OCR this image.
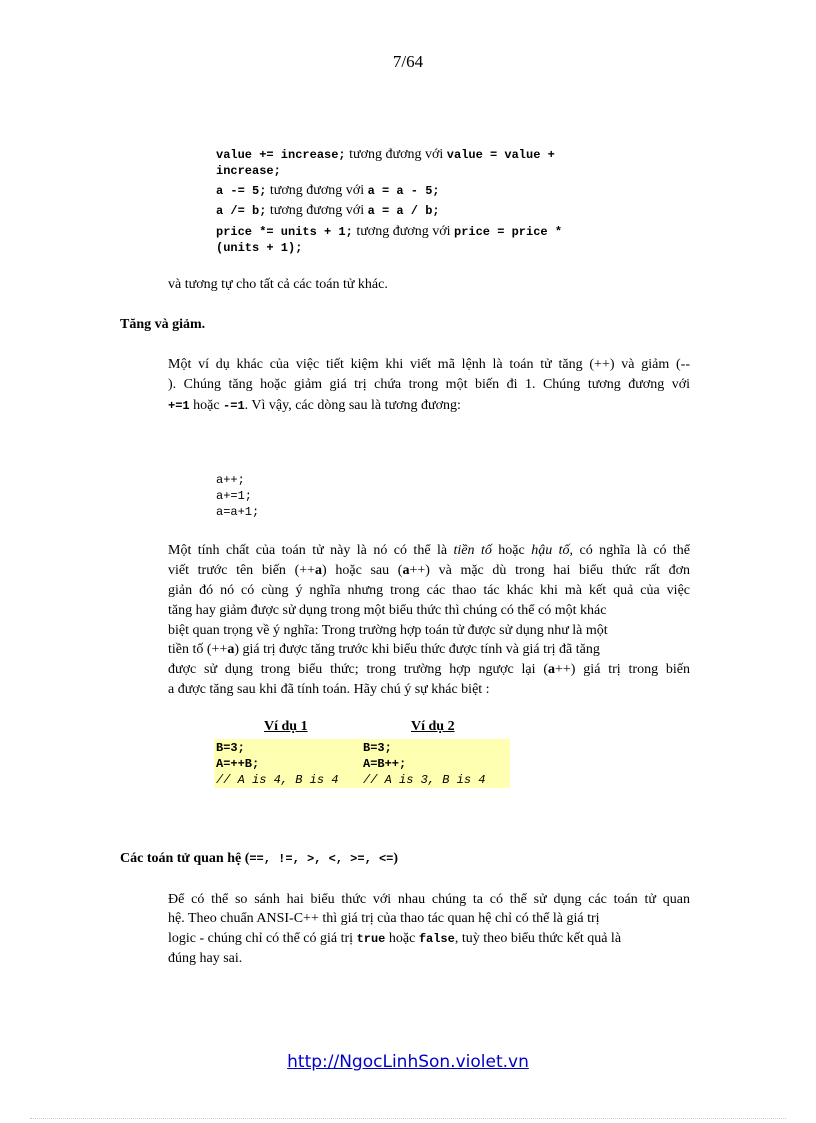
7/64
value += increase; tương đương với value = value +
increase;
a -= 5; tương đương với a = a - 5;
a /= b; tương đương với a = a / b;
price *= units + 1; tương đương với price = price *
(units + 1);
và tương tự cho tất cả các toán tử khác.
Tăng và giảm.
Một ví dụ khác của việc tiết kiệm khi viết mã lệnh là toán tử tăng (++) và giảm (--
). Chúng tăng hoặc giảm giá trị chứa trong một biến đi 1. Chúng tương đương với
+=1 hoặc -=1. Vì vậy, các dòng sau là tương đương:
a++;
a+=1;
a=a+1;
Một tính chất của toán tử này là nó có thể là tiền tố hoặc hậu tố, có nghĩa là có thể
viết trước tên biến (++a) hoặc sau (a++) và mặc dù trong hai biểu thức rất đơn
giản đó nó có cùng ý nghĩa nhưng trong các thao tác khác khi mà kết quả của việc
tăng hay giảm được sử dụng trong một biểu thức thì chúng có thể có một khác
biệt quan trọng về ý nghĩa: Trong trường hợp toán tử được sử dụng như là một
tiền tố (++a) giá trị được tăng trước khi biểu thức được tính và giá trị đã tăng
được sử dụng trong biểu thức; trong trường hợp ngược lại (a++) giá trị trong biến
a được tăng sau khi đã tính toán. Hãy chú ý sự khác biệt :
Ví dụ 1	Ví dụ 2
B=3;
A=++B;
// A is 4, B is 4
B=3;
A=B++;
// A is 3, B is 4
Các toán tử quan hệ (==, !=, >, <, >=, <=)
Để có thể so sánh hai biểu thức với nhau chúng ta có thể sử dụng các toán tử quan
hệ. Theo chuẩn ANSI-C++ thì giá trị của thao tác quan hệ chỉ có thể là giá trị
logic - chúng chỉ có thể có giá trị true hoặc false, tuỳ theo biểu thức kết quả là
đúng hay sai.
http://NgocLinhSon.violet.vn
